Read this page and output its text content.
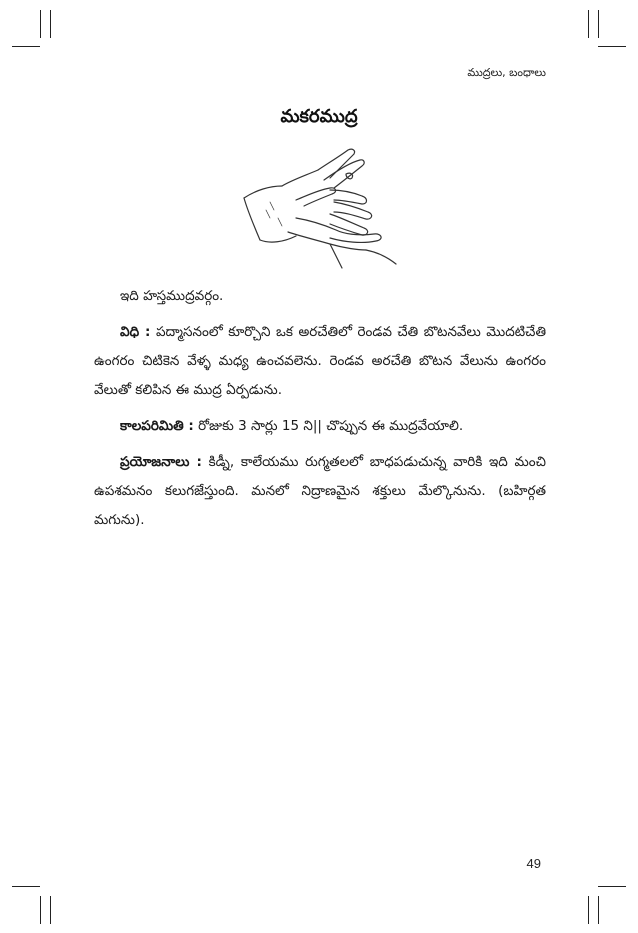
ముద్రలు, బంధాలు
మకరముద్ర

ఇది హస్తముద్రవర్గం.

విధి : పద్మాసనంలో కూర్చొని ఒక అరచేతిలో రెండవ చేతి బొటనవేలు మొదటిచేతి ఉంగరం చిటికెన వేళ్ళ మధ్య ఉంచవలెను. రెండవ అరచేతి బొటన వేలును ఉంగరం వేలుతో కలిపిన ఈ ముద్ర ఏర్పడును.

కాలపరిమితి : రోజుకు 3 సార్లు 15 ని|| చొప్పున ఈ ముద్రవేయాలి.

ప్రయోజనాలు : కిడ్నీ, కాలేయము రుగ్మతలలో బాధపడుచున్న వారికి ఇది మంచి ఉపశమనం కలుగజేస్తుంది. మనలో నిద్రాణమైన శక్తులు మేల్కొనును. (బహిర్గత మగును).

49
